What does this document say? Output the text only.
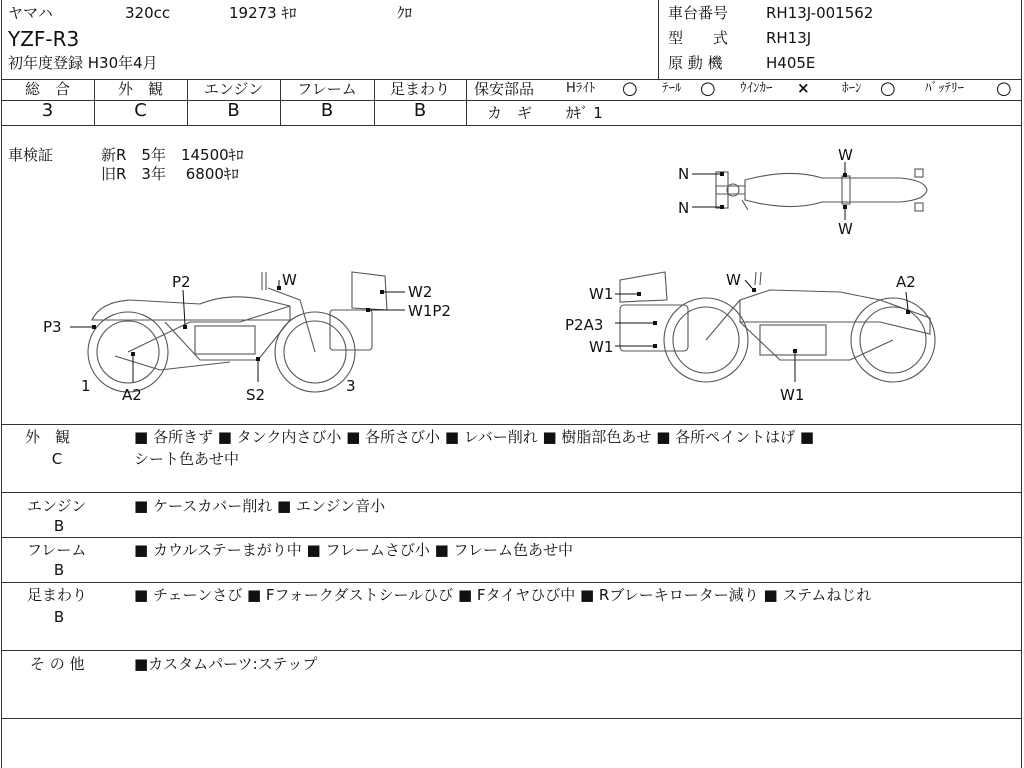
ヤマハ	320cc	19273 ｷﾛ	ｸﾛ
YZF-R3
初年度登録 H30年4月
車台番号	RH13J-001562
型　　式	RH13J
原 動 機	H405E
総　合	外　観	エンジン	フレーム	足まわり
3	C	B	B	B
保安部品 Hﾗｲﾄ ○ ﾃｰﾙ ○ ｳｲﾝｶｰ × ﾎｰﾝ ○ ﾊﾞｯﾃﾘｰ ○
カ　ギ ｶｷﾞ 1
車検証	新R　5年　14500ｷﾛ
旧R　3年　 6800ｷﾛ	N
N
W
W
P2	W
W2
W1P2
P3
1 A2	S2	3
W1
W	A2
P2A3
W1
W1
外　観
C
■ 各所きず ■ タンク内さび小 ■ 各所さび小 ■ レバー削れ ■ 樹脂部色あせ ■ 各所ペイントはげ ■
シート色あせ中
エンジン
B
■ ケースカバー削れ ■ エンジン音小
フレーム
B
■ カウルステーまがり中 ■ フレームさび小 ■ フレーム色あせ中
足まわり
B
■ チェーンさび ■ Fフォークダストシールひび ■ Fタイヤひび中 ■ Rブレーキローター減り ■ ステムねじれ
そ の 他	■カスタムパーツ:ステップ
